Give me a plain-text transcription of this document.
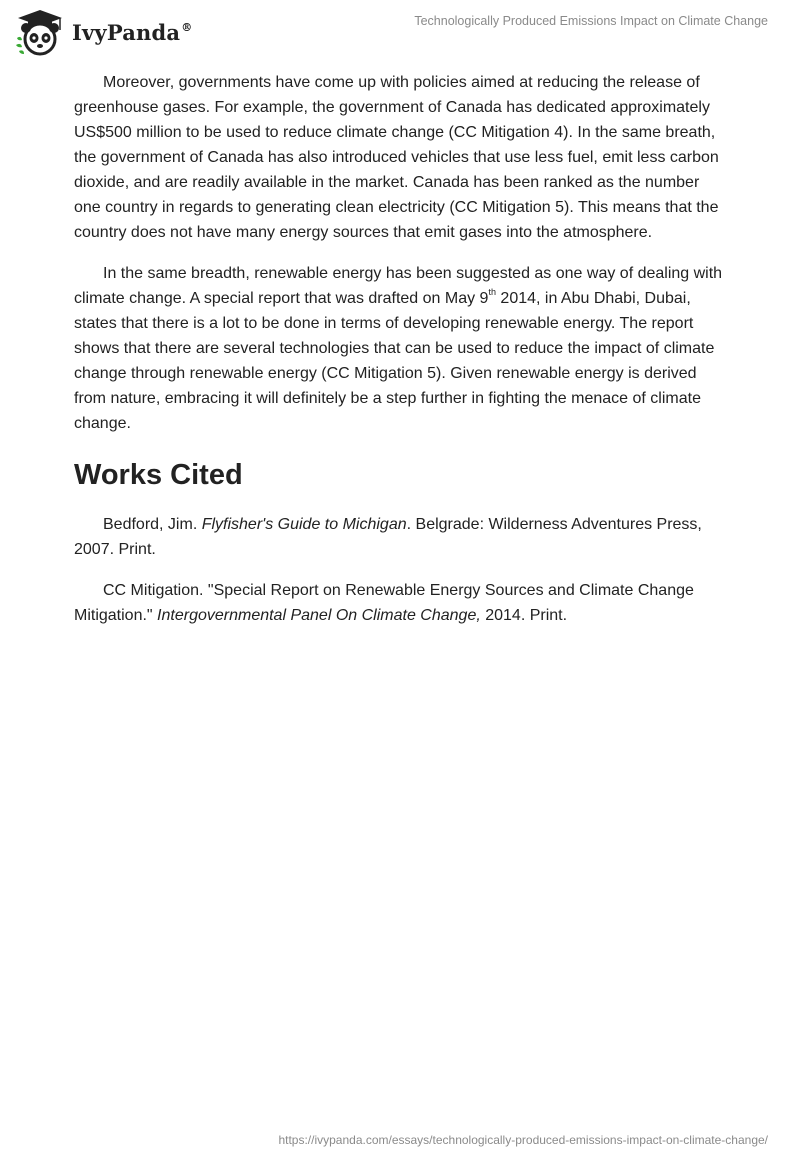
IvyPanda®	Technologically Produced Emissions Impact on Climate Change

Moreover, governments have come up with policies aimed at reducing the release of greenhouse gases. For example, the government of Canada has dedicated approximately US$500 million to be used to reduce climate change (CC Mitigation 4). In the same breath, the government of Canada has also introduced vehicles that use less fuel, emit less carbon dioxide, and are readily available in the market. Canada has been ranked as the number one country in regards to generating clean electricity (CC Mitigation 5). This means that the country does not have many energy sources that emit gases into the atmosphere.

In the same breadth, renewable energy has been suggested as one way of dealing with climate change. A special report that was drafted on May 9th 2014, in Abu Dhabi, Dubai, states that there is a lot to be done in terms of developing renewable energy. The report shows that there are several technologies that can be used to reduce the impact of climate change through renewable energy (CC Mitigation 5). Given renewable energy is derived from nature, embracing it will definitely be a step further in fighting the menace of climate change.

Works Cited

Bedford, Jim. Flyfisher's Guide to Michigan. Belgrade: Wilderness Adventures Press, 2007. Print.

CC Mitigation. "Special Report on Renewable Energy Sources and Climate Change Mitigation." Intergovernmental Panel On Climate Change, 2014. Print.

https://ivypanda.com/essays/technologically-produced-emissions-impact-on-climate-change/
